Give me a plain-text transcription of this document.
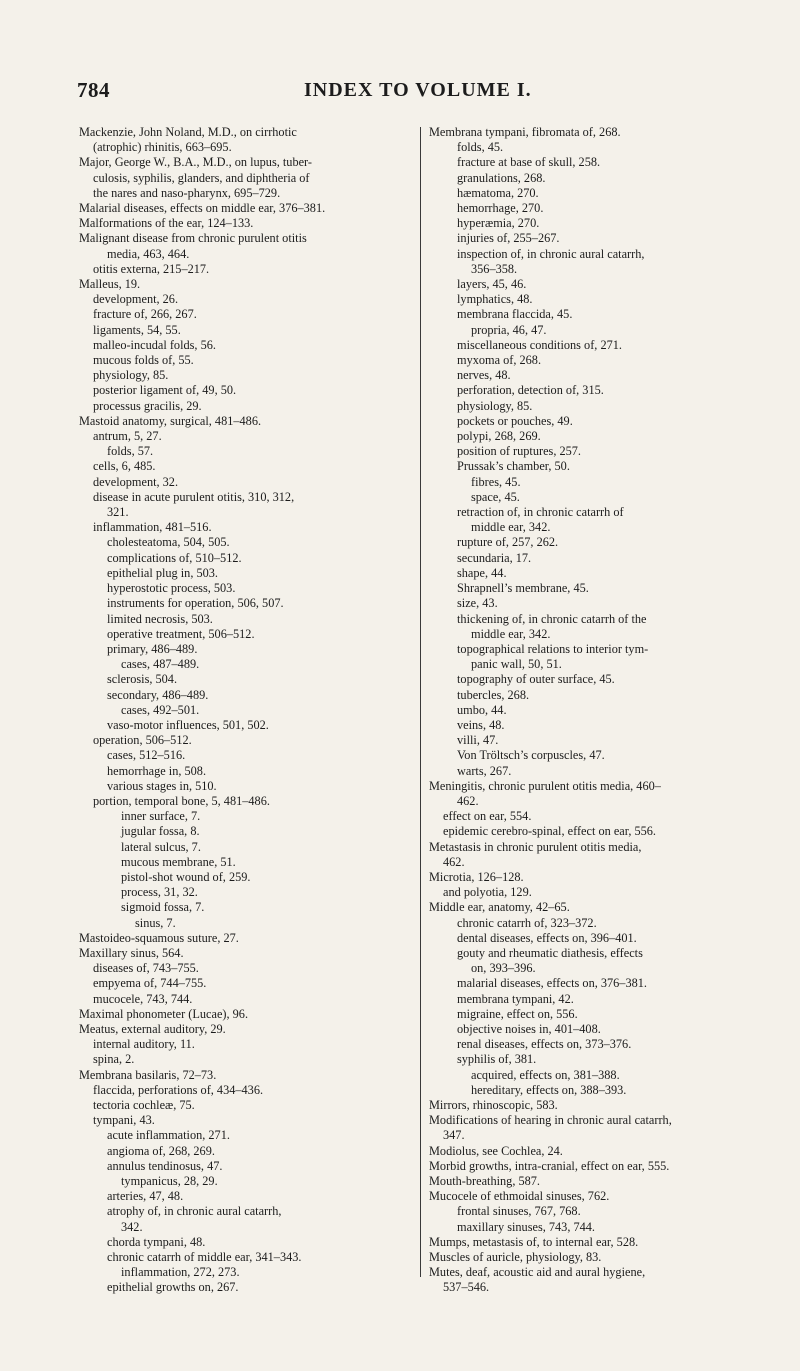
784	INDEX TO VOLUME I.
Mackenzie, John Noland, M.D., on cirrhotic
(atrophic) rhinitis, 663–695.
Major, George W., B.A., M.D., on lupus, tuber-
culosis, syphilis, glanders, and diphtheria of
the nares and naso-pharynx, 695–729.
Malarial diseases, effects on middle ear, 376–381.
Malformations of the ear, 124–133.
Malignant disease from chronic purulent otitis
media, 463, 464.
otitis externa, 215–217.
Malleus, 19.
development, 26.
fracture of, 266, 267.
ligaments, 54, 55.
malleo-incudal folds, 56.
mucous folds of, 55.
physiology, 85.
posterior ligament of, 49, 50.
processus gracilis, 29.
Mastoid anatomy, surgical, 481–486.
antrum, 5, 27.
folds, 57.
cells, 6, 485.
development, 32.
disease in acute purulent otitis, 310, 312,
321.
inflammation, 481–516.
cholesteatoma, 504, 505.
complications of, 510–512.
epithelial plug in, 503.
hyperostotic process, 503.
instruments for operation, 506, 507.
limited necrosis, 503.
operative treatment, 506–512.
primary, 486–489.
cases, 487–489.
sclerosis, 504.
secondary, 486–489.
cases, 492–501.
vaso-motor influences, 501, 502.
operation, 506–512.
cases, 512–516.
hemorrhage in, 508.
various stages in, 510.
portion, temporal bone, 5, 481–486.
inner surface, 7.
jugular fossa, 8.
lateral sulcus, 7.
mucous membrane, 51.
pistol-shot wound of, 259.
process, 31, 32.
sigmoid fossa, 7.
sinus, 7.
Mastoideo-squamous suture, 27.
Maxillary sinus, 564.
diseases of, 743–755.
empyema of, 744–755.
mucocele, 743, 744.
Maximal phonometer (Lucae), 96.
Meatus, external auditory, 29.
internal auditory, 11.
spina, 2.
Membrana basilaris, 72–73.
flaccida, perforations of, 434–436.
tectoria cochleæ, 75.
tympani, 43.
acute inflammation, 271.
angioma of, 268, 269.
annulus tendinosus, 47.
tympanicus, 28, 29.
arteries, 47, 48.
atrophy of, in chronic aural catarrh,
342.
chorda tympani, 48.
chronic catarrh of middle ear, 341–343.
inflammation, 272, 273.
epithelial growths on, 267.
Membrana tympani, fibromata of, 268.
folds, 45.
fracture at base of skull, 258.
granulations, 268.
hæmatoma, 270.
hemorrhage, 270.
hyperæmia, 270.
injuries of, 255–267.
inspection of, in chronic aural catarrh,
356–358.
layers, 45, 46.
lymphatics, 48.
membrana flaccida, 45.
propria, 46, 47.
miscellaneous conditions of, 271.
myxoma of, 268.
nerves, 48.
perforation, detection of, 315.
physiology, 85.
pockets or pouches, 49.
polypi, 268, 269.
position of ruptures, 257.
Prussak’s chamber, 50.
fibres, 45.
space, 45.
retraction of, in chronic catarrh of
middle ear, 342.
rupture of, 257, 262.
secundaria, 17.
shape, 44.
Shrapnell’s membrane, 45.
size, 43.
thickening of, in chronic catarrh of the
middle ear, 342.
topographical relations to interior tym-
panic wall, 50, 51.
topography of outer surface, 45.
tubercles, 268.
umbo, 44.
veins, 48.
villi, 47.
Von Tröltsch’s corpuscles, 47.
warts, 267.
Meningitis, chronic purulent otitis media, 460–
462.
effect on ear, 554.
epidemic cerebro-spinal, effect on ear, 556.
Metastasis in chronic purulent otitis media,
462.
Microtia, 126–128.
and polyotia, 129.
Middle ear, anatomy, 42–65.
chronic catarrh of, 323–372.
dental diseases, effects on, 396–401.
gouty and rheumatic diathesis, effects
on, 393–396.
malarial diseases, effects on, 376–381.
membrana tympani, 42.
migraine, effect on, 556.
objective noises in, 401–408.
renal diseases, effects on, 373–376.
syphilis of, 381.
acquired, effects on, 381–388.
hereditary, effects on, 388–393.
Mirrors, rhinoscopic, 583.
Modifications of hearing in chronic aural catarrh,
347.
Modiolus, see Cochlea, 24.
Morbid growths, intra-cranial, effect on ear, 555.
Mouth-breathing, 587.
Mucocele of ethmoidal sinuses, 762.
frontal sinuses, 767, 768.
maxillary sinuses, 743, 744.
Mumps, metastasis of, to internal ear, 528.
Muscles of auricle, physiology, 83.
Mutes, deaf, acoustic aid and aural hygiene,
537–546.
